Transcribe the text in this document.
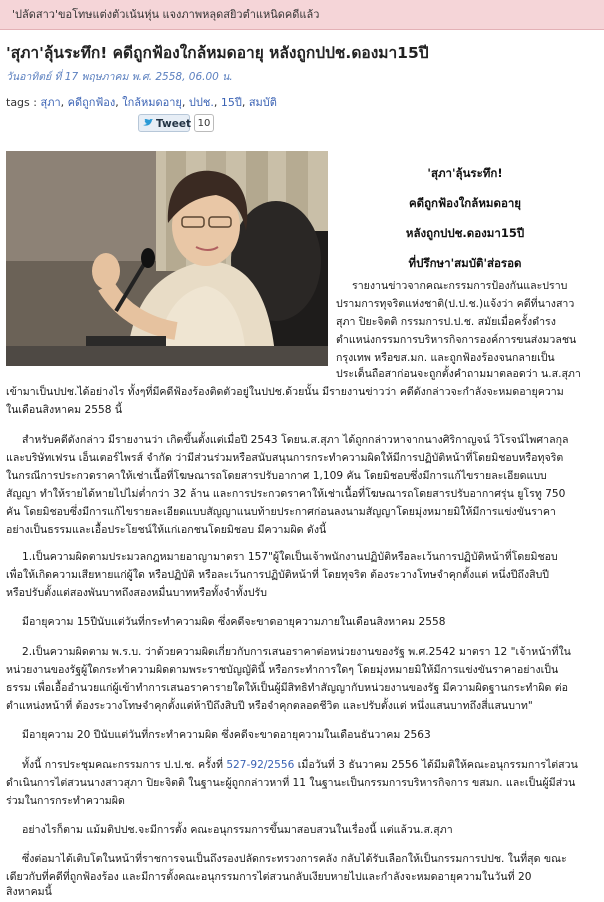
'ปลัดสาว'ขอโทษแต่งตัวเน้นหุ่น แจงภาพหลุดสยิวตำแหนิดคดีแล้ว
'สุภา'ลุ้นระทึก! คดีถูกฟ้องใกล้หมดอายุ หลังถูกปปช.ดองมา15ปี
วันอาทิตย์ ที่ 17 พฤษภาคม พ.ศ. 2558, 06.00 น.
tags : สุภา, คดีถูกฟ้อง, ใกล้หมดอายุ, ปปช., 15ปี, สมบัติ
Tweet 10
'สุภา'ลุ้นระทึก!
คดีถูกฟ้องใกล้หมดอายุ
หลังถูกปปช.ดองมา15ปี
ที่ปรึกษา'สมบัติ'ส่อรอด
รายงานข่าวจากคณะกรรมการป้องกันและปราบ
ปรามการทุจริตแห่งชาติ(ป.ป.ช.)แจ้งว่า คดีที่นางสาว
สุภา ปิยะจิตติ กรรมการป.ป.ช. สมัยเมื่อครั้งดำรง
ตำแหน่งกรรมการบริหารกิจการองค์การขนส่งมวลชน
กรุงเทพ หรือขส.มก. และถูกฟ้องร้องจนกลายเป็น
ประเด็นถือสาก่อนจะถูกตั้งคำถามมาตลอดว่า น.ส.สุภา
เข้ามาเป็นปปช.ได้อย่างไร ทั้งๆที่มีคดีฟ้องร้องติดตัวอยู่ในปปช.ด้วยนั้น มีรายงานข่าวว่า คดีดังกล่าวจะกำลังจะหมดอายุความ
ในเดือนสิงหาคม 2558 นี้
สำหรับคดีดังกล่าว มีรายงานว่า เกิดขึ้นตั้งแต่เมื่อปี 2543 โดยน.ส.สุภา ได้ถูกกล่าวหาจากนางศิริกาญจน์ วิโรจน์ไพศาลกุล
และบริษัทเฟรน เอ็นเตอร์ไพรส์ จำกัด ว่ามีส่วนร่วมหรือสนับสนุนการกระทำความผิดให้มีการปฏิบัติหน้าที่โดยมิชอบหรือทุจริต
ในกรณีการประกวดราคาให้เช่าเนื้อที่โฆษณารถโดยสารปรับอากาศ 1,109 คัน โดยมิชอบซึ่งมีการแก้ไขรายละเอียดแบบ
สัญญา ทำให้รายได้หายไปไม่ต่ำกว่า 32 ล้าน และการประกวดราคาให้เช่าเนื้อที่โฆษณารถโดยสารปรับอากาศรุ่น ยูโรทู 750
คัน โดยมิชอบซึ่งมีการแก้ไขรายละเอียดแบบสัญญาแนบท้ายประกาศก่อนลงนามสัญญาโดยมุ่งหมายมิให้มีการแข่งขันราคา
อย่างเป็นธรรมและเอื้อประโยชน์ให้แก่เอกชนโดยมิชอบ มีความผิด ดังนี้
1.เป็นความผิดตามประมวลกฎหมายอาญามาตรา 157"ผู้ใดเป็นเจ้าพนักงานปฏิบัติหรือละเว้นการปฏิบัติหน้าที่โดยมิชอบ
เพื่อให้เกิดความเสียหายแก่ผู้ใด หรือปฏิบัติ หรือละเว้นการปฏิบัติหน้าที่ โดยทุจริต ต้องระวางโทษจำคุกตั้งแต่ หนึ่งปีถึงสิบปี
หรือปรับตั้งแต่สองพันบาทถึงสองหมื่นบาทหรือทั้งจำทั้งปรับ
มีอายุความ 15ปีนับแต่วันที่กระทำความผิด ซึ่งคดีจะขาดอายุความภายในเดือนสิงหาคม 2558
2.เป็นความผิดตาม พ.ร.บ. ว่าด้วยความผิดเกี่ยวกับการเสนอราคาต่อหน่วยงานของรัฐ พ.ศ.2542 มาตรา 12 "เจ้าหน้าที่ใน
หน่วยงานของรัฐผู้ใดกระทำความผิดตามพระราชบัญญัตินี้ หรือกระทำการใดๆ โดยมุ่งหมายมิให้มีการแข่งขันราคาอย่างเป็น
ธรรม เพื่อเอื้ออำนวยแก่ผู้เข้าทำการเสนอราคารายใดให้เป็นผู้มีสิทธิทำสัญญากับหน่วยงานของรัฐ มีความผิดฐานกระทำผิด ต่อ
ตำแหน่งหน้าที่ ต้องระวางโทษจำคุกตั้งแต่ห้าปีถึงสิบปี หรือจำคุกตลอดชีวิต และปรับตั้งแต่ หนึ่งแสนบาทถึงสี่แสนบาท"
มีอายุความ 20 ปีนับแต่วันที่กระทำความผิด ซึ่งคดีจะขาดอายุความในเดือนธันวาคม 2563
ทั้งนี้ การประชุมคณะกรรมการ ป.ป.ช. ครั้งที่ 527-92/2556 เมื่อวันที่ 3 ธันวาคม 2556 ได้มีมติให้คณะอนุกรรมการไต่สวน
ดำเนินการไต่สวนนางสาวสุภา ปิยะจิตติ ในฐานะผู้ถูกกล่าวหาที่ 11 ในฐานะเป็นกรรมการบริหารกิจการ ขสมก. และเป็นผู้มีส่วน
ร่วมในการกระทำความผิด
อย่างไรก็ตาม แม้มติปปช.จะมีการตั้ง คณะอนุกรรมการขึ้นมาสอบสวนในเรื่องนี้ แต่แล้วน.ส.สุภา
ซึ่งต่อมาได้เติบโตในหน้าที่ราชการจนเป็นถึงรองปลัดกระทรวงการคลัง กลับได้รับเลือกให้เป็นกรรมการปปช. ในที่สุด ขณะ
เดียวกับที่คดีที่ถูกฟ้องร้อง และมีการตั้งคณะอนุกรรมการไต่สวนกลับเงียบหายไปและกำลังจะหมดอายุความในวันที่ 20
สิงหาคมนี้
